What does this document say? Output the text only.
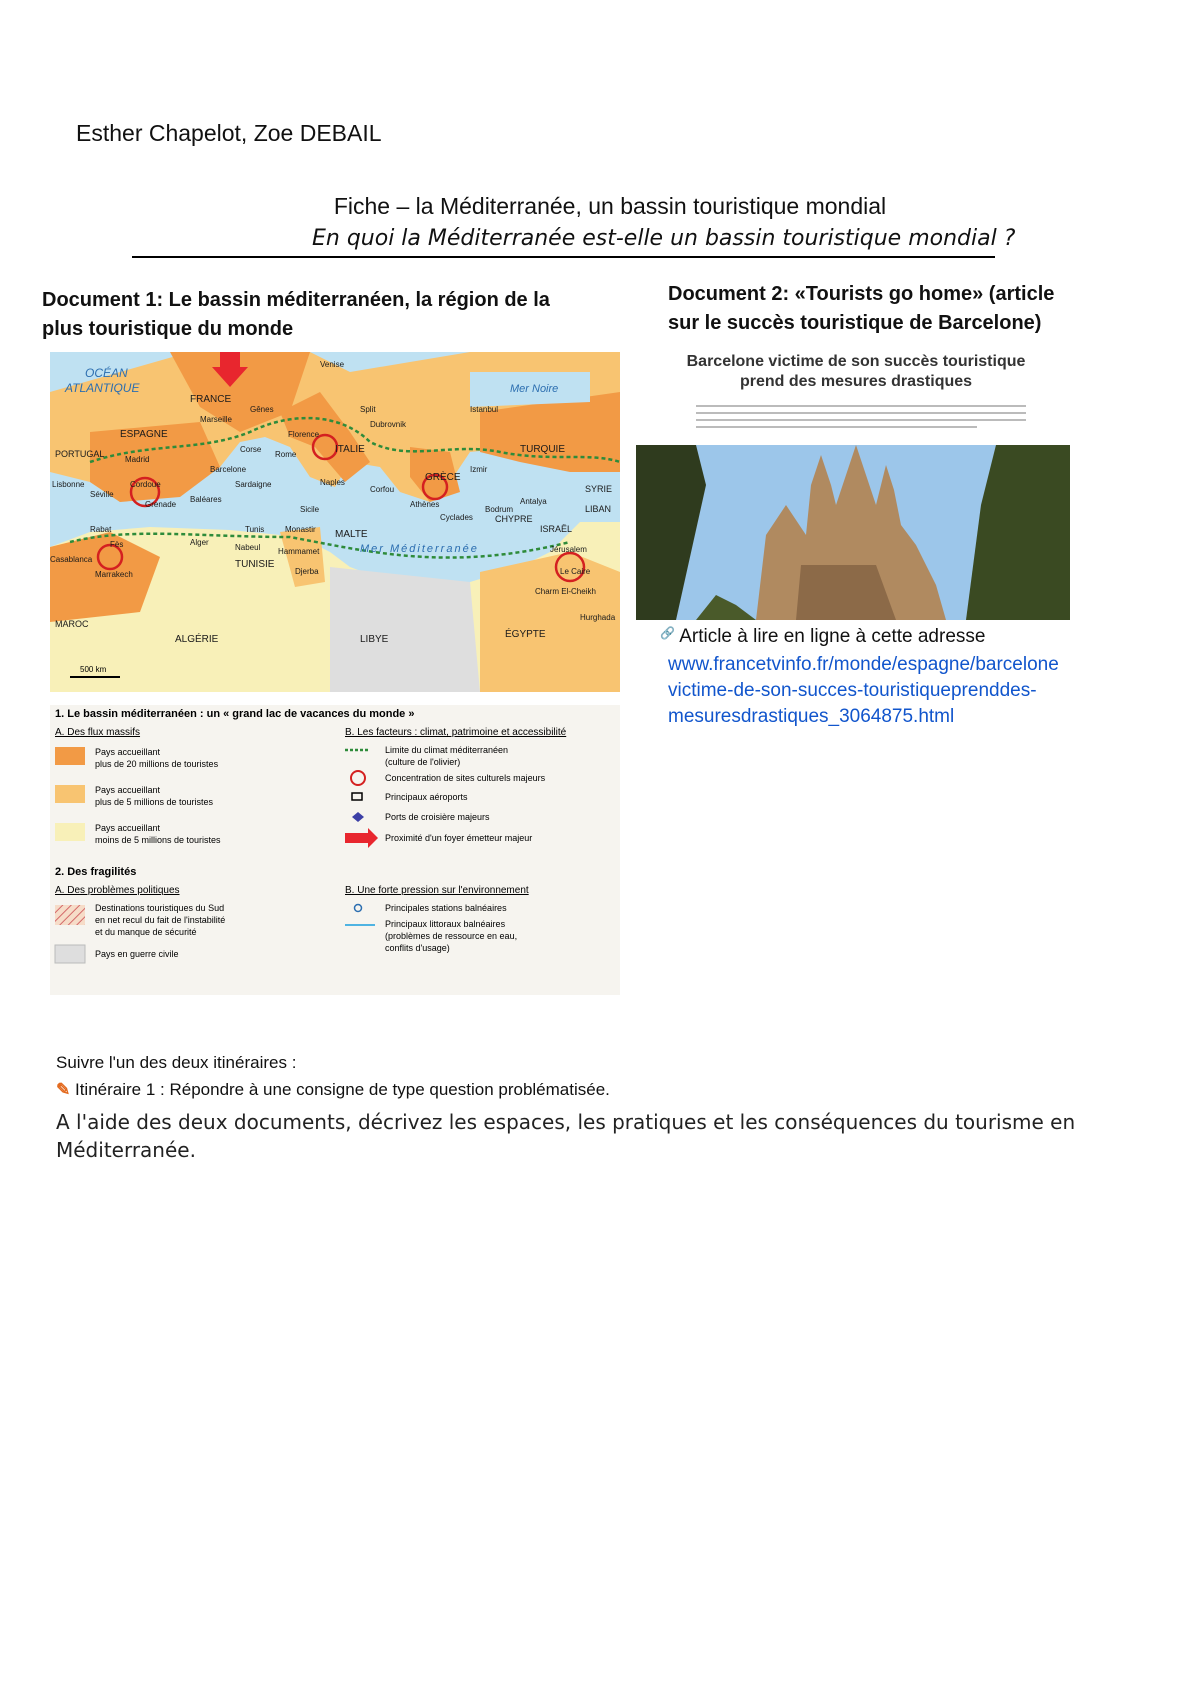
Esther Chapelot, Zoe DEBAIL
Fiche – la Méditerranée, un bassin touristique mondial
En quoi la Méditerranée est-elle un bassin touristique mondial ?
Document 1: Le bassin méditerranéen, la région de la
plus touristique du monde
500 km
OCÉAN
ATLANTIQUE	Mer Noire
Mer Méditerranée
FRANCE
ESPAGNE
PORTUGAL	ITALIE
GRÈCE
TURQUIE
SYRIE
LIBAN
CHYPRE
ISRAËL
MALTE
TUNISIE
MAROC
ALGÉRIE	LIBYE	ÉGYPTE
Venise
Gênes
Marseille
Split
Dubrovnik
Istanbul
Madrid
Lisbonne
Barcelone
Florence
Rome
Corse
Naples
Cordoue
Séville
Grenade
Baléares
Sardaigne
Corfou
Athènes
Izmir
Antalya
Bodrum
Cyclades
Rabat
Fès
Casablanca
Marrakech
Alger
Tunis	Monastir
Nabeul Hammamet
Djerba
Sicile
Jérusalem
Le Caire
Charm El-Cheikh
Hurghada
1. Le bassin méditerranéen : un « grand lac de vacances du monde »
A. Des flux massifs	B. Les facteurs : climat, patrimoine et accessibilité
Pays accueillant
plus de 20 millions de touristes
Pays accueillant
plus de 5 millions de touristes
Pays accueillant
moins de 5 millions de touristes
Limite du climat méditerranéen
(culture de l'olivier)
Concentration de sites culturels majeurs
Principaux aéroports
Ports de croisière majeurs
Proximité d'un foyer émetteur majeur
2. Des fragilités
A. Des problèmes politiques	B. Une forte pression sur l'environnement
Destinations touristiques du Sud
en net recul du fait de l'instabilité
et du manque de sécurité
Pays en guerre civile
Principales stations balnéaires
Principaux littoraux balnéaires
(problèmes de ressource en eau,
conflits d'usage)
Document 2: «Tourists go home» (article
sur le succès touristique de Barcelone)
Barcelone victime de son succès touristique
prend des mesures drastiques
🔗 Article à lire en ligne à cette adresse
www.francetvinfo.fr/monde/espagne/barcelone
victime-de-son-succes-touristiqueprenddes-
mesuresdrastiques_3064875.html
Suivre l'un des deux itinéraires :
✎ Itinéraire 1 : Répondre à une consigne de type question problématisée.
A l'aide des deux documents, décrivez les espaces, les pratiques et les conséquences du tourisme en Méditerranée.
